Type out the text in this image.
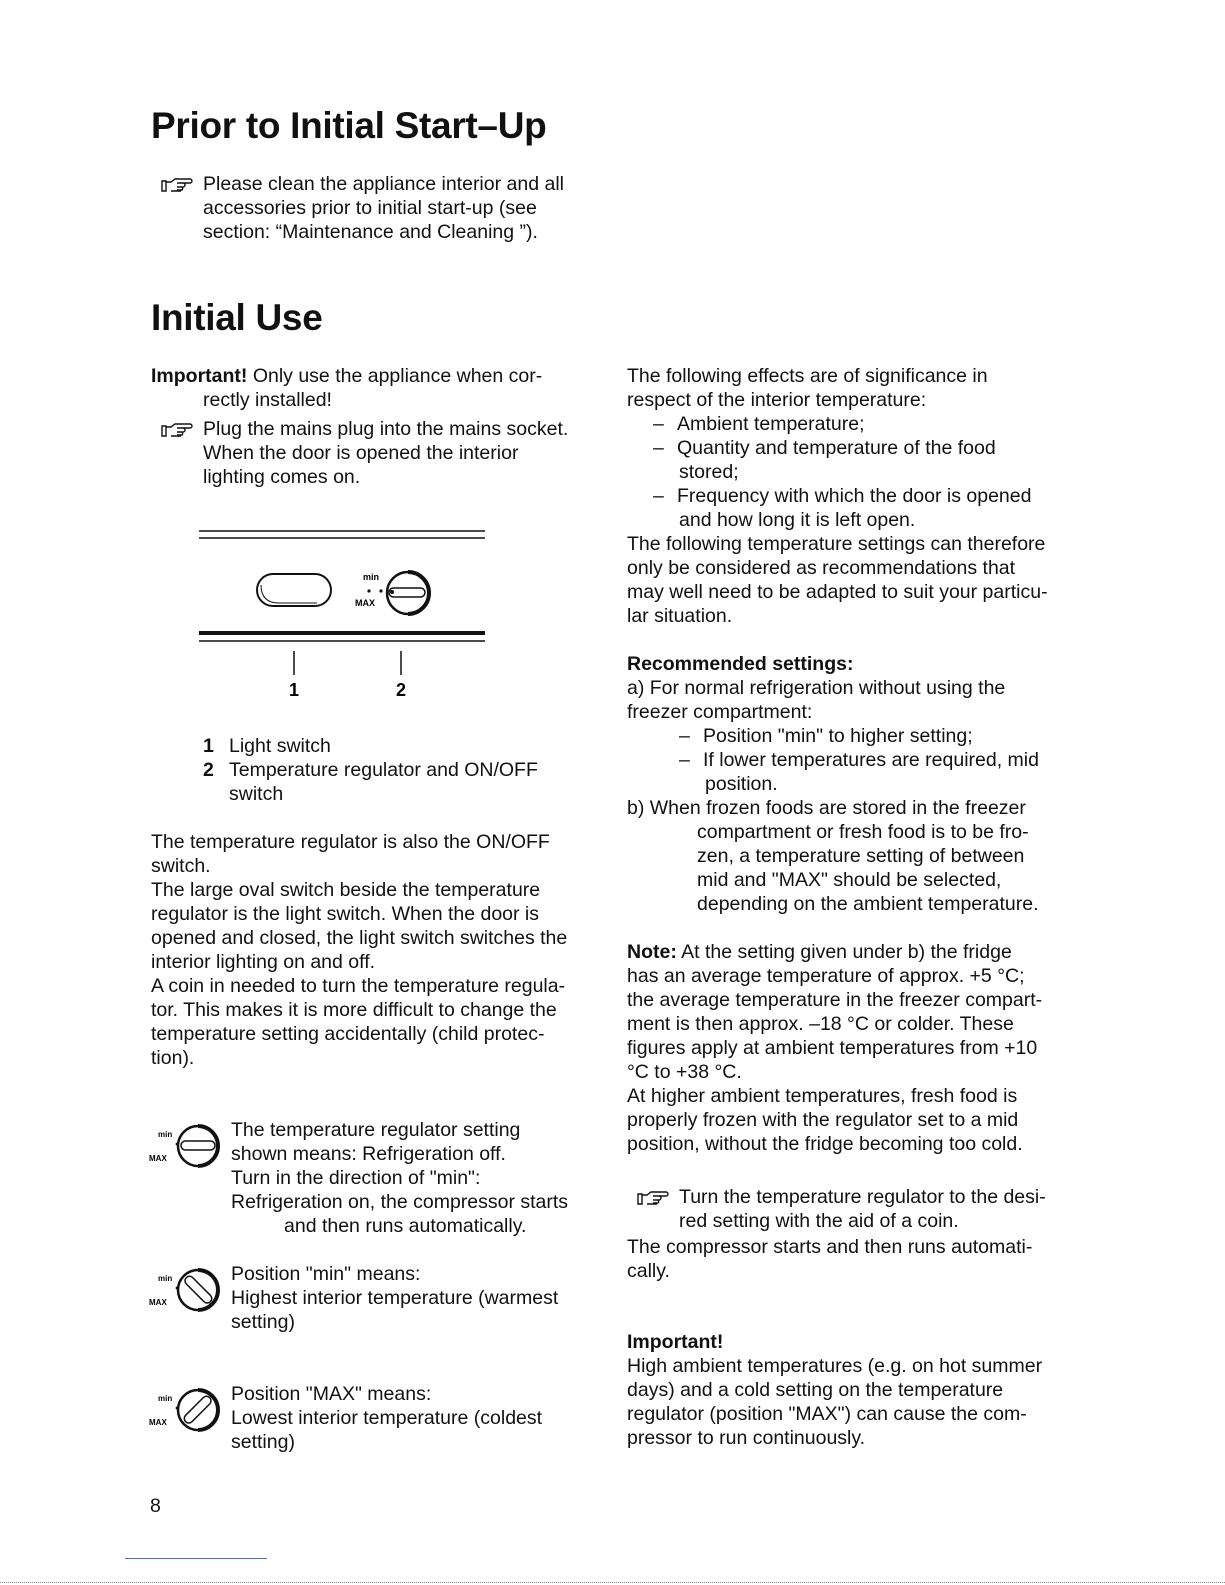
Prior to Initial Start–Up
Please clean the appliance interior and all
accessories prior to initial start-up (see
section: “Maintenance and Cleaning ”).
Initial Use
Important! Only use the appliance when cor-
rectly installed!
Plug the mains plug into the mains socket.
When the door is opened the interior
lighting comes on.
min
MAX
1	2
1 Light switch
2 Temperature regulator and ON/OFF
switch
The temperature regulator is also the ON/OFF
switch.
The large oval switch beside the temperature
regulator is the light switch. When the door is
opened and closed, the light switch switches the
interior lighting on and off.
A coin in needed to turn the temperature regula-
tor. This makes it is more difficult to change the
temperature setting accidentally (child protec-
tion).
min
MAX
The temperature regulator setting
shown means: Refrigeration off.
Turn in the direction of "min":
Refrigeration on, the compressor starts
and then runs automatically.
min
MAX
Position "min" means:
Highest interior temperature (warmest
setting)
min
MAX
Position "MAX" means:
Lowest interior temperature (coldest
setting)
The following effects are of significance in
respect of the interior temperature:
– Ambient temperature;
– Quantity and temperature of the food
stored;
– Frequency with which the door is opened
and how long it is left open.
The following temperature settings can therefore
only be considered as recommendations that
may well need to be adapted to suit your particu-
lar situation.
Recommended settings:
a) For normal refrigeration without using the
freezer compartment:
– Position "min" to higher setting;
– If lower temperatures are required, mid
position.
b) When frozen foods are stored in the freezer
compartment or fresh food is to be fro-
zen, a temperature setting of between
mid and "MAX" should be selected,
depending on the ambient temperature.
Note: At the setting given under b) the fridge
has an average temperature of approx. +5 °C;
the average temperature in the freezer compart-
ment is then approx. –18 °C or colder. These
figures apply at ambient temperatures from +10
°C to +38 °C.
At higher ambient temperatures, fresh food is
properly frozen with the regulator set to a mid
position, without the fridge becoming too cold.
Turn the temperature regulator to the desi-
red setting with the aid of a coin.
The compressor starts and then runs automati-
cally.
Important!
High ambient temperatures (e.g. on hot summer
days) and a cold setting on the temperature
regulator (position "MAX") can cause the com-
pressor to run continuously.
8
